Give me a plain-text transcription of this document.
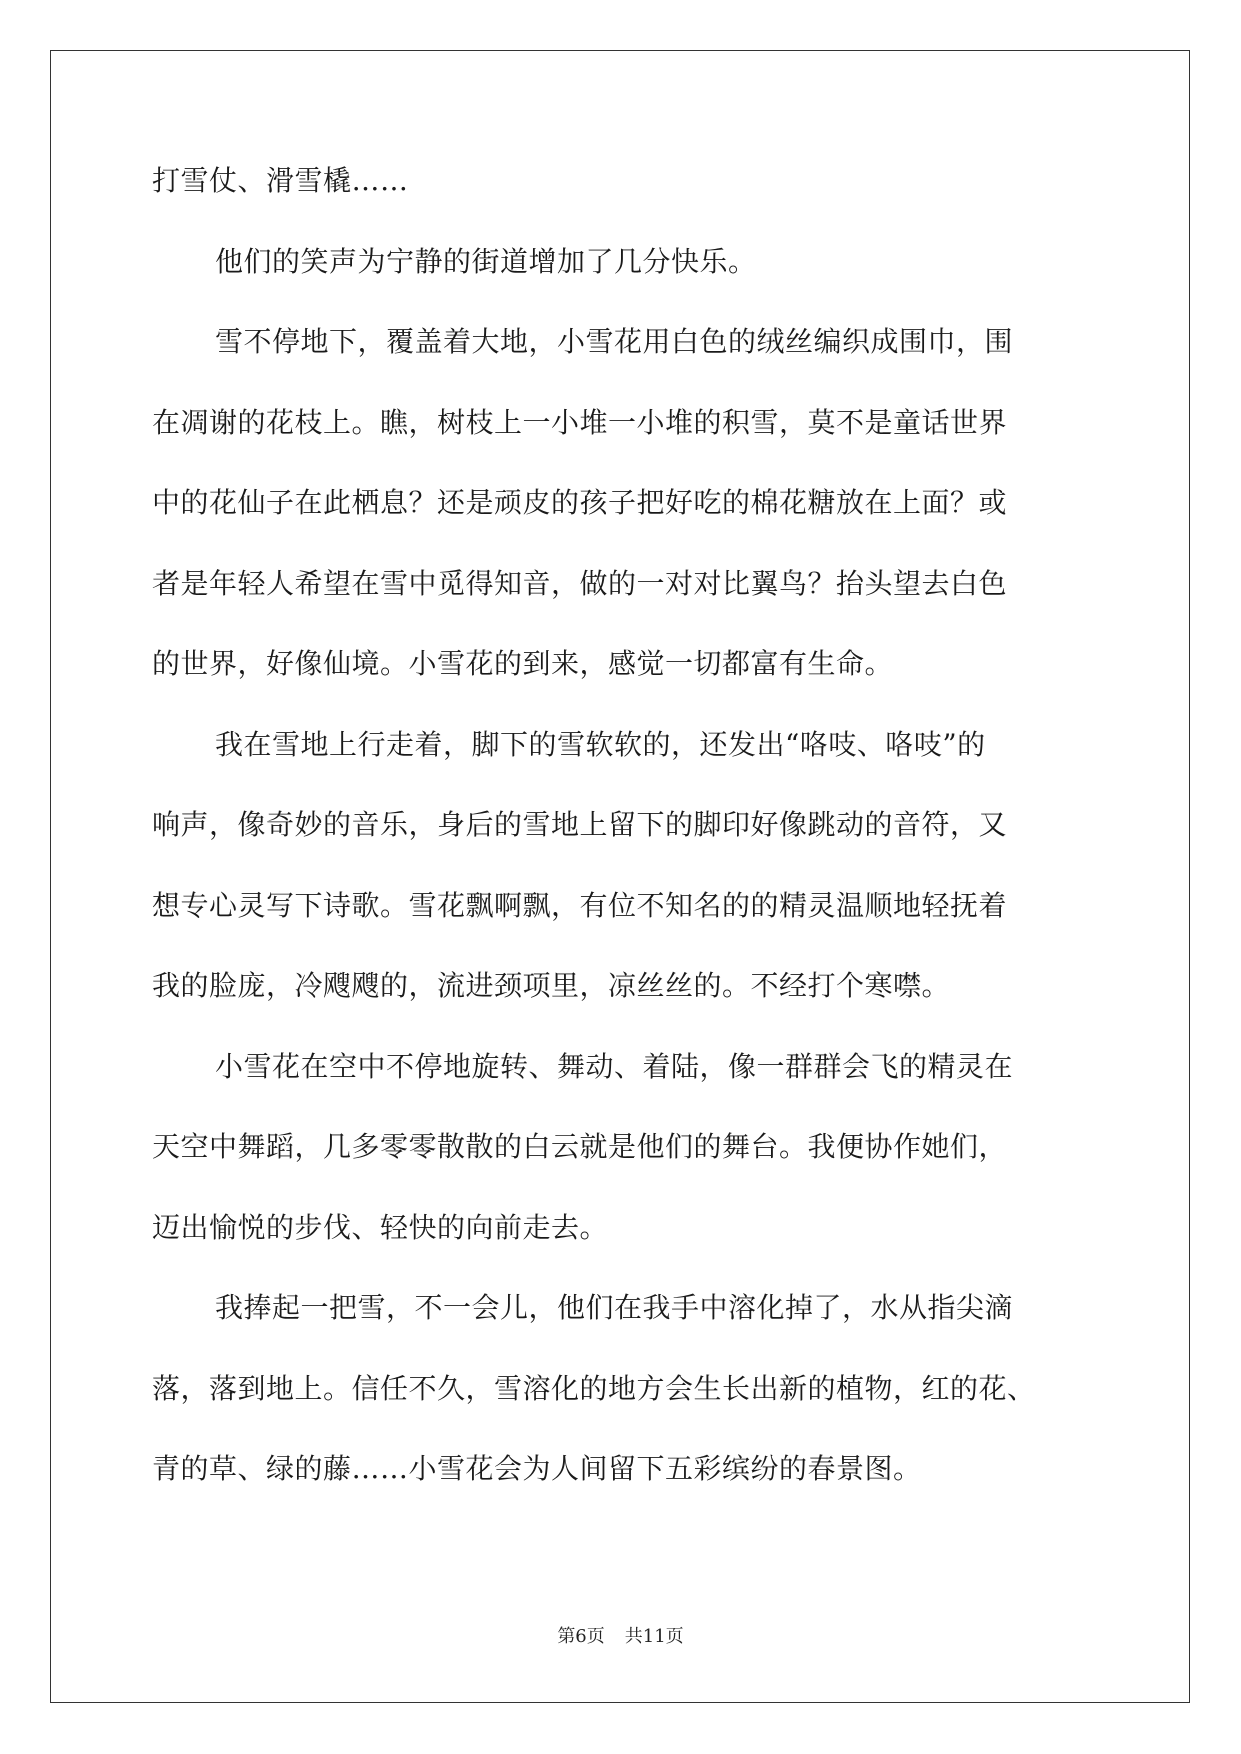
打雪仗、滑雪橇……
他们的笑声为宁静的街道增加了几分快乐。
雪不停地下，覆盖着大地，小雪花用白色的绒丝编织成围巾，围
在凋谢的花枝上。瞧，树枝上一小堆一小堆的积雪，莫不是童话世界
中的花仙子在此栖息？还是顽皮的孩子把好吃的棉花糖放在上面？或
者是年轻人希望在雪中觅得知音，做的一对对比翼鸟？抬头望去白色
的世界，好像仙境。小雪花的到来，感觉一切都富有生命。
我在雪地上行走着，脚下的雪软软的，还发出“咯吱、咯吱”的
响声，像奇妙的音乐，身后的雪地上留下的脚印好像跳动的音符，又
想专心灵写下诗歌。雪花飘啊飘，有位不知名的的精灵温顺地轻抚着
我的脸庞，冷飕飕的，流进颈项里，凉丝丝的。不经打个寒噤。
小雪花在空中不停地旋转、舞动、着陆，像一群群会飞的精灵在
天空中舞蹈，几多零零散散的白云就是他们的舞台。我便协作她们，
迈出愉悦的步伐、轻快的向前走去。
我捧起一把雪，不一会儿，他们在我手中溶化掉了，水从指尖滴
落，落到地上。信任不久，雪溶化的地方会生长出新的植物，红的花、
青的草、绿的藤……小雪花会为人间留下五彩缤纷的春景图。
第6页 共11页
